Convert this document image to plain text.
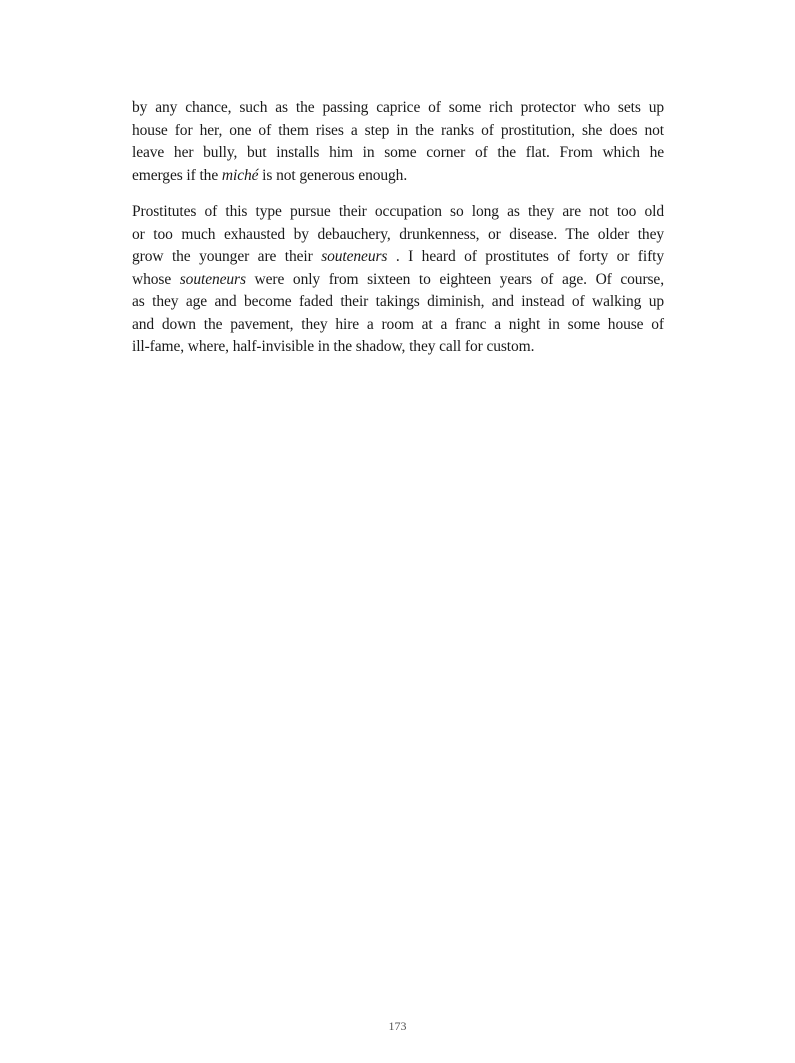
by any chance, such as the passing caprice of some rich protector who sets up
house for her, one of them rises a step in the ranks of prostitution, she does not
leave her bully, but installs him in some corner of the flat. From which he
emerges if the miché is not generous enough.
Prostitutes of this type pursue their occupation so long as they are not too old
or too much exhausted by debauchery, drunkenness, or disease. The older they
grow the younger are their souteneurs . I heard of prostitutes of forty or fifty
whose souteneurs were only from sixteen to eighteen years of age. Of course,
as they age and become faded their takings diminish, and instead of walking up
and down the pavement, they hire a room at a franc a night in some house of
ill-fame, where, half-invisible in the shadow, they call for custom.
173
